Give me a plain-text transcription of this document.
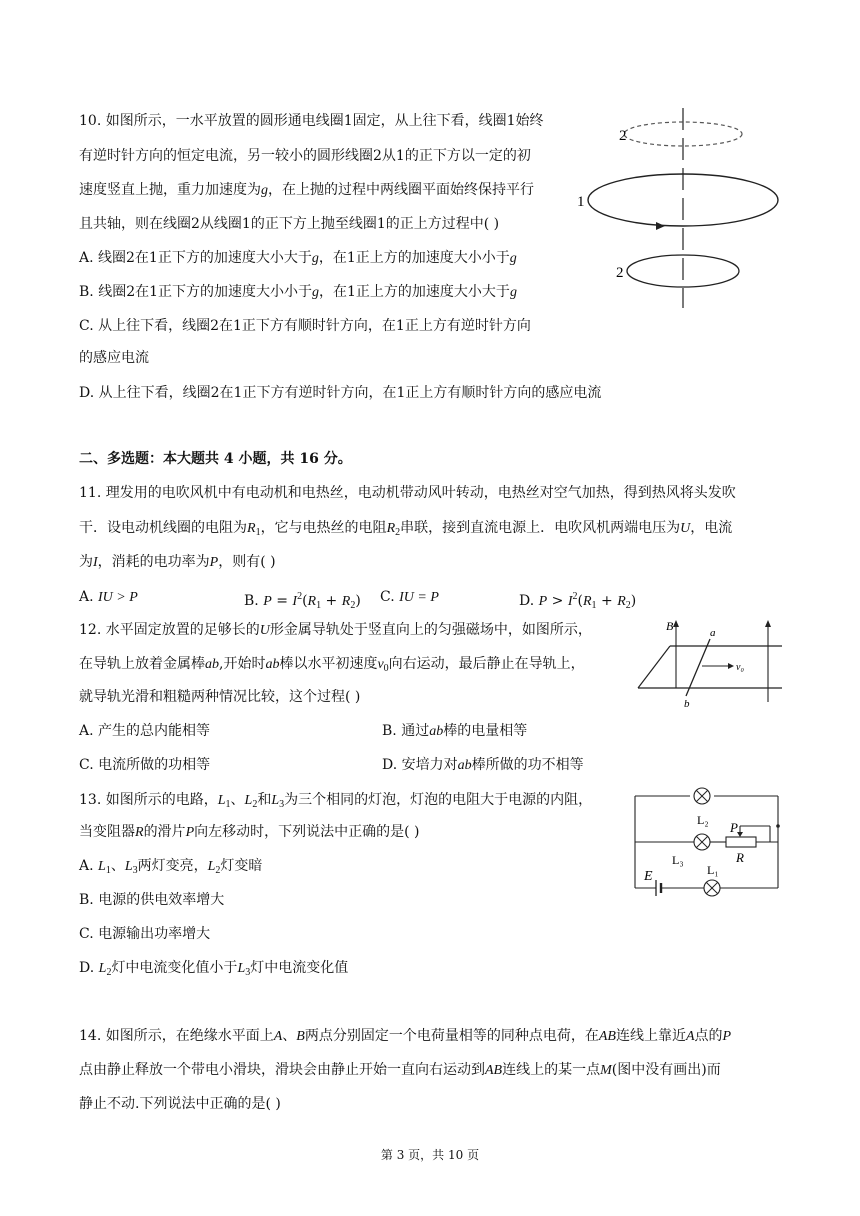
10. 如图所示，一水平放置的圆形通电线圈1固定，从上往下看，线圈1始终
有逆时针方向的恒定电流，另一较小的圆形线圈2从1的正下方以一定的初
速度竖直上抛，重力加速度为g，在上抛的过程中两线圈平面始终保持平行
且共轴，则在线圈2从线圈1的正下方上抛至线圈1的正上方过程中( )
A. 线圈2在1正下方的加速度大小大于g，在1正上方的加速度大小小于g
B. 线圈2在1正下方的加速度大小小于g，在1正上方的加速度大小大于g
C. 从上往下看，线圈2在1正下方有顺时针方向，在1正上方有逆时针方向
的感应电流
D. 从上往下看，线圈2在1正下方有逆时针方向，在1正上方有顺时针方向的感应电流
2
1
2
二、多选题：本大题共 4 小题，共 16 分。
11. 理发用的电吹风机中有电动机和电热丝，电动机带动风叶转动，电热丝对空气加热，得到热风将头发吹
干．设电动机线圈的电阻为$R_1$，它与电热丝的电阻$R_2$串联，接到直流电源上．电吹风机两端电压为U，电流
为I，消耗的电功率为P，则有( )
A. IU > P	B. $P = I^2(R_1 + R_2)$ C. IU = P	D. $P > I^2(R_1 + R_2)$
12. 水平固定放置的足够长的U形金属导轨处于竖直向上的匀强磁场中，如图所示，
在导轨上放着金属棒ab,开始时ab棒以水平初速度$v_0$向右运动，最后静止在导轨上，
就导轨光滑和粗糙两种情况比较，这个过程( )
A. 产生的总内能相等	B. 通过ab棒的电量相等
C. 电流所做的功相等	D. 安培力对ab棒所做的功不相等
B	a
b
v₀
13. 如图所示的电路，$L_1$、$L_2$和$L_3$为三个相同的灯泡，灯泡的电阻大于电源的内阻，
当变阻器R的滑片P向左移动时，下列说法中正确的是( )
A. $L_1$、$L_3$两灯变亮，$L_2$灯变暗
B. 电源的供电效率增大
C. 电源输出功率增大
D. $L_2$灯中电流变化值小于$L_3$灯中电流变化值
L₂ P
R
L₃
E	L₁
14. 如图所示，在绝缘水平面上A、B两点分别固定一个电荷量相等的同种点电荷，在AB连线上靠近A点的P
点由静止释放一个带电小滑块，滑块会由静止开始一直向右运动到AB连线上的某一点M(图中没有画出)而
静止不动.下列说法中正确的是( )
第 3 页，共 10 页
